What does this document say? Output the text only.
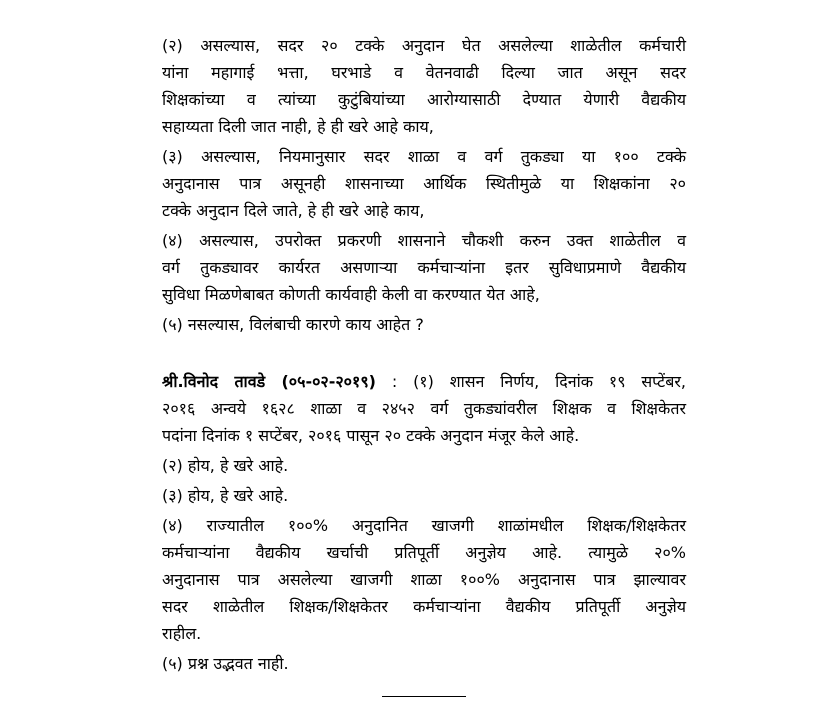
(२) असल्यास, सदर २० टक्के अनुदान घेत असलेल्या शाळेतील कर्मचारी
यांना महागाई भत्ता, घरभाडे व वेतनवाढी दिल्या जात असून सदर
शिक्षकांच्या व त्यांच्या कुटुंबियांच्या आरोग्यासाठी देण्यात येणारी वैद्यकीय
सहाय्यता दिली जात नाही, हे ही खरे आहे काय,
(३) असल्यास, नियमानुसार सदर शाळा व वर्ग तुकड्या या १०० टक्के
अनुदानास पात्र असूनही शासनाच्या आर्थिक स्थितीमुळे या शिक्षकांना २०
टक्के अनुदान दिले जाते, हे ही खरे आहे काय,
(४) असल्यास, उपरोक्त प्रकरणी शासनाने चौकशी करुन उक्त शाळेतील व
वर्ग तुकड्यावर कार्यरत असणाऱ्या कर्मचाऱ्यांना इतर सुविधाप्रमाणे वैद्यकीय
सुविधा मिळणेबाबत कोणती कार्यवाही केली वा करण्यात येत आहे,
(५) नसल्यास, विलंबाची कारणे काय आहेत ?
श्री.विनोद तावडे (०५-०२-२०१९) : (१) शासन निर्णय, दिनांक १९ सप्टेंबर,
२०१६ अन्वये १६२८ शाळा व २४५२ वर्ग तुकड्यांवरील शिक्षक व शिक्षकेतर
पदांना दिनांक १ सप्टेंबर, २०१६ पासून २० टक्के अनुदान मंजूर केले आहे.
(२) होय, हे खरे आहे.
(३) होय, हे खरे आहे.
(४) राज्यातील १००% अनुदानित खाजगी शाळांमधील शिक्षक/शिक्षकेतर
कर्मचाऱ्यांना वैद्यकीय खर्चाची प्रतिपूर्ती अनुज्ञेय आहे. त्यामुळे २०%
अनुदानास पात्र असलेल्या खाजगी शाळा १००% अनुदानास पात्र झाल्यावर
सदर शाळेतील शिक्षक/शिक्षकेतर कर्मचाऱ्यांना वैद्यकीय प्रतिपूर्ती अनुज्ञेय
राहील.
(५) प्रश्न उद्भवत नाही.
